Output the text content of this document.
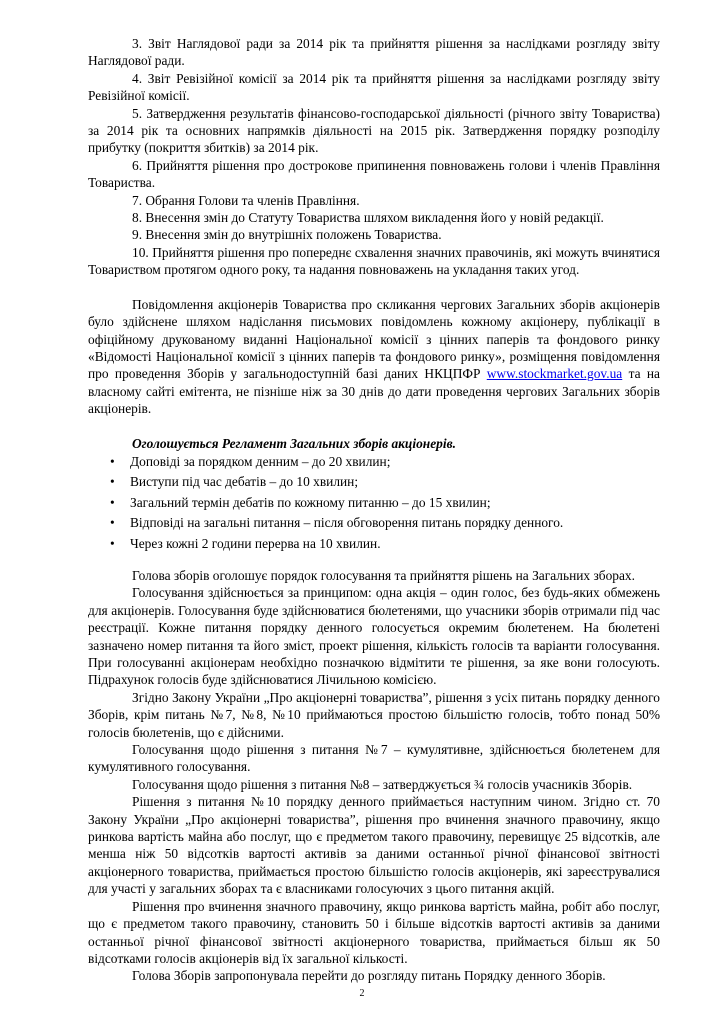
3. Звіт Наглядової ради за 2014 рік та прийняття рішення за наслідками розгляду звіту Наглядової ради.

4. Звіт Ревізійної комісії за 2014 рік та прийняття рішення за наслідками розгляду звіту Ревізійної комісії.

5. Затвердження результатів фінансово-господарської діяльності (річного звіту Товариства) за 2014 рік та основних напрямків діяльності на 2015 рік. Затвердження порядку розподілу прибутку (покриття збитків) за 2014 рік.

6. Прийняття рішення про дострокове припинення повноважень голови і членів Правління Товариства.

7. Обрання Голови та членів Правління.

8. Внесення змін до Статуту Товариства шляхом викладення його у новій редакції.

9. Внесення змін до внутрішніх положень Товариства.

10. Прийняття рішення про попереднє схвалення значних правочинів, які можуть вчинятися Товариством протягом одного року, та надання повноважень на укладання таких угод.

Повідомлення акціонерів Товариства про скликання чергових Загальних зборів акціонерів було здійснене шляхом надіслання письмових повідомлень кожному акціонеру, публікації в офіційному друкованому виданні Національної комісії з цінних паперів та фондового ринку «Відомості Національної комісії з цінних паперів та фондового ринку», розміщення повідомлення про проведення Зборів у загальнодоступній базі даних НКЦПФР www.stockmarket.gov.ua та на власному сайті емітента, не пізніше ніж за 30 днів до дати проведення чергових Загальних зборів акціонерів.

Оголошується Регламент Загальних зборів акціонерів.

• Доповіді за порядком денним – до 20 хвилин;
• Виступи під час дебатів – до 10 хвилин;
• Загальний термін дебатів по кожному питанню – до 15 хвилин;
• Відповіді на загальні питання – після обговорення питань порядку денного.
• Через кожні 2 години перерва на 10 хвилин.

Голова зборів оголошує порядок голосування та прийняття рішень на Загальних зборах.

Голосування здійснюється за принципом: одна акція – один голос, без будь-яких обмежень для акціонерів. Голосування буде здійснюватися бюлетенями, що учасники зборів отримали під час реєстрації. Кожне питання порядку денного голосується окремим бюлетенем. На бюлетені зазначено номер питання та його зміст, проект рішення, кількість голосів та варіанти голосування. При голосуванні акціонерам необхідно позначкою відмітити те рішення, за яке вони голосують. Підрахунок голосів буде здійснюватися Лічильною комісією.

Згідно Закону України „Про акціонерні товариства”, рішення з усіх питань порядку денного Зборів, крім питань №7, №8, №10 приймаються простою більшістю голосів, тобто понад 50% голосів бюлетенів, що є дійсними.

Голосування щодо рішення з питання №7 – кумулятивне, здійснюється бюлетенем для кумулятивного голосування.

Голосування щодо рішення з питання №8 – затверджується ¾ голосів учасників Зборів.

Рішення з питання №10 порядку денного приймається наступним чином. Згідно ст. 70 Закону України „Про акціонерні товариства”, рішення про вчинення значного правочину, якщо ринкова вартість майна або послуг, що є предметом такого правочину, перевищує 25 відсотків, але менша ніж 50 відсотків вартості активів за даними останньої річної фінансової звітності акціонерного товариства, приймається простою більшістю голосів акціонерів, які зареєструвалися для участі у загальних зборах та є власниками голосуючих з цього питання акцій.

Рішення про вчинення значного правочину, якщо ринкова вартість майна, робіт або послуг, що є предметом такого правочину, становить 50 і більше відсотків вартості активів за даними останньої річної фінансової звітності акціонерного товариства, приймається більш як 50 відсотками голосів акціонерів від їх загальної кількості.

Голова Зборів запропонувала перейти до розгляду питань Порядку денного Зборів.

2
